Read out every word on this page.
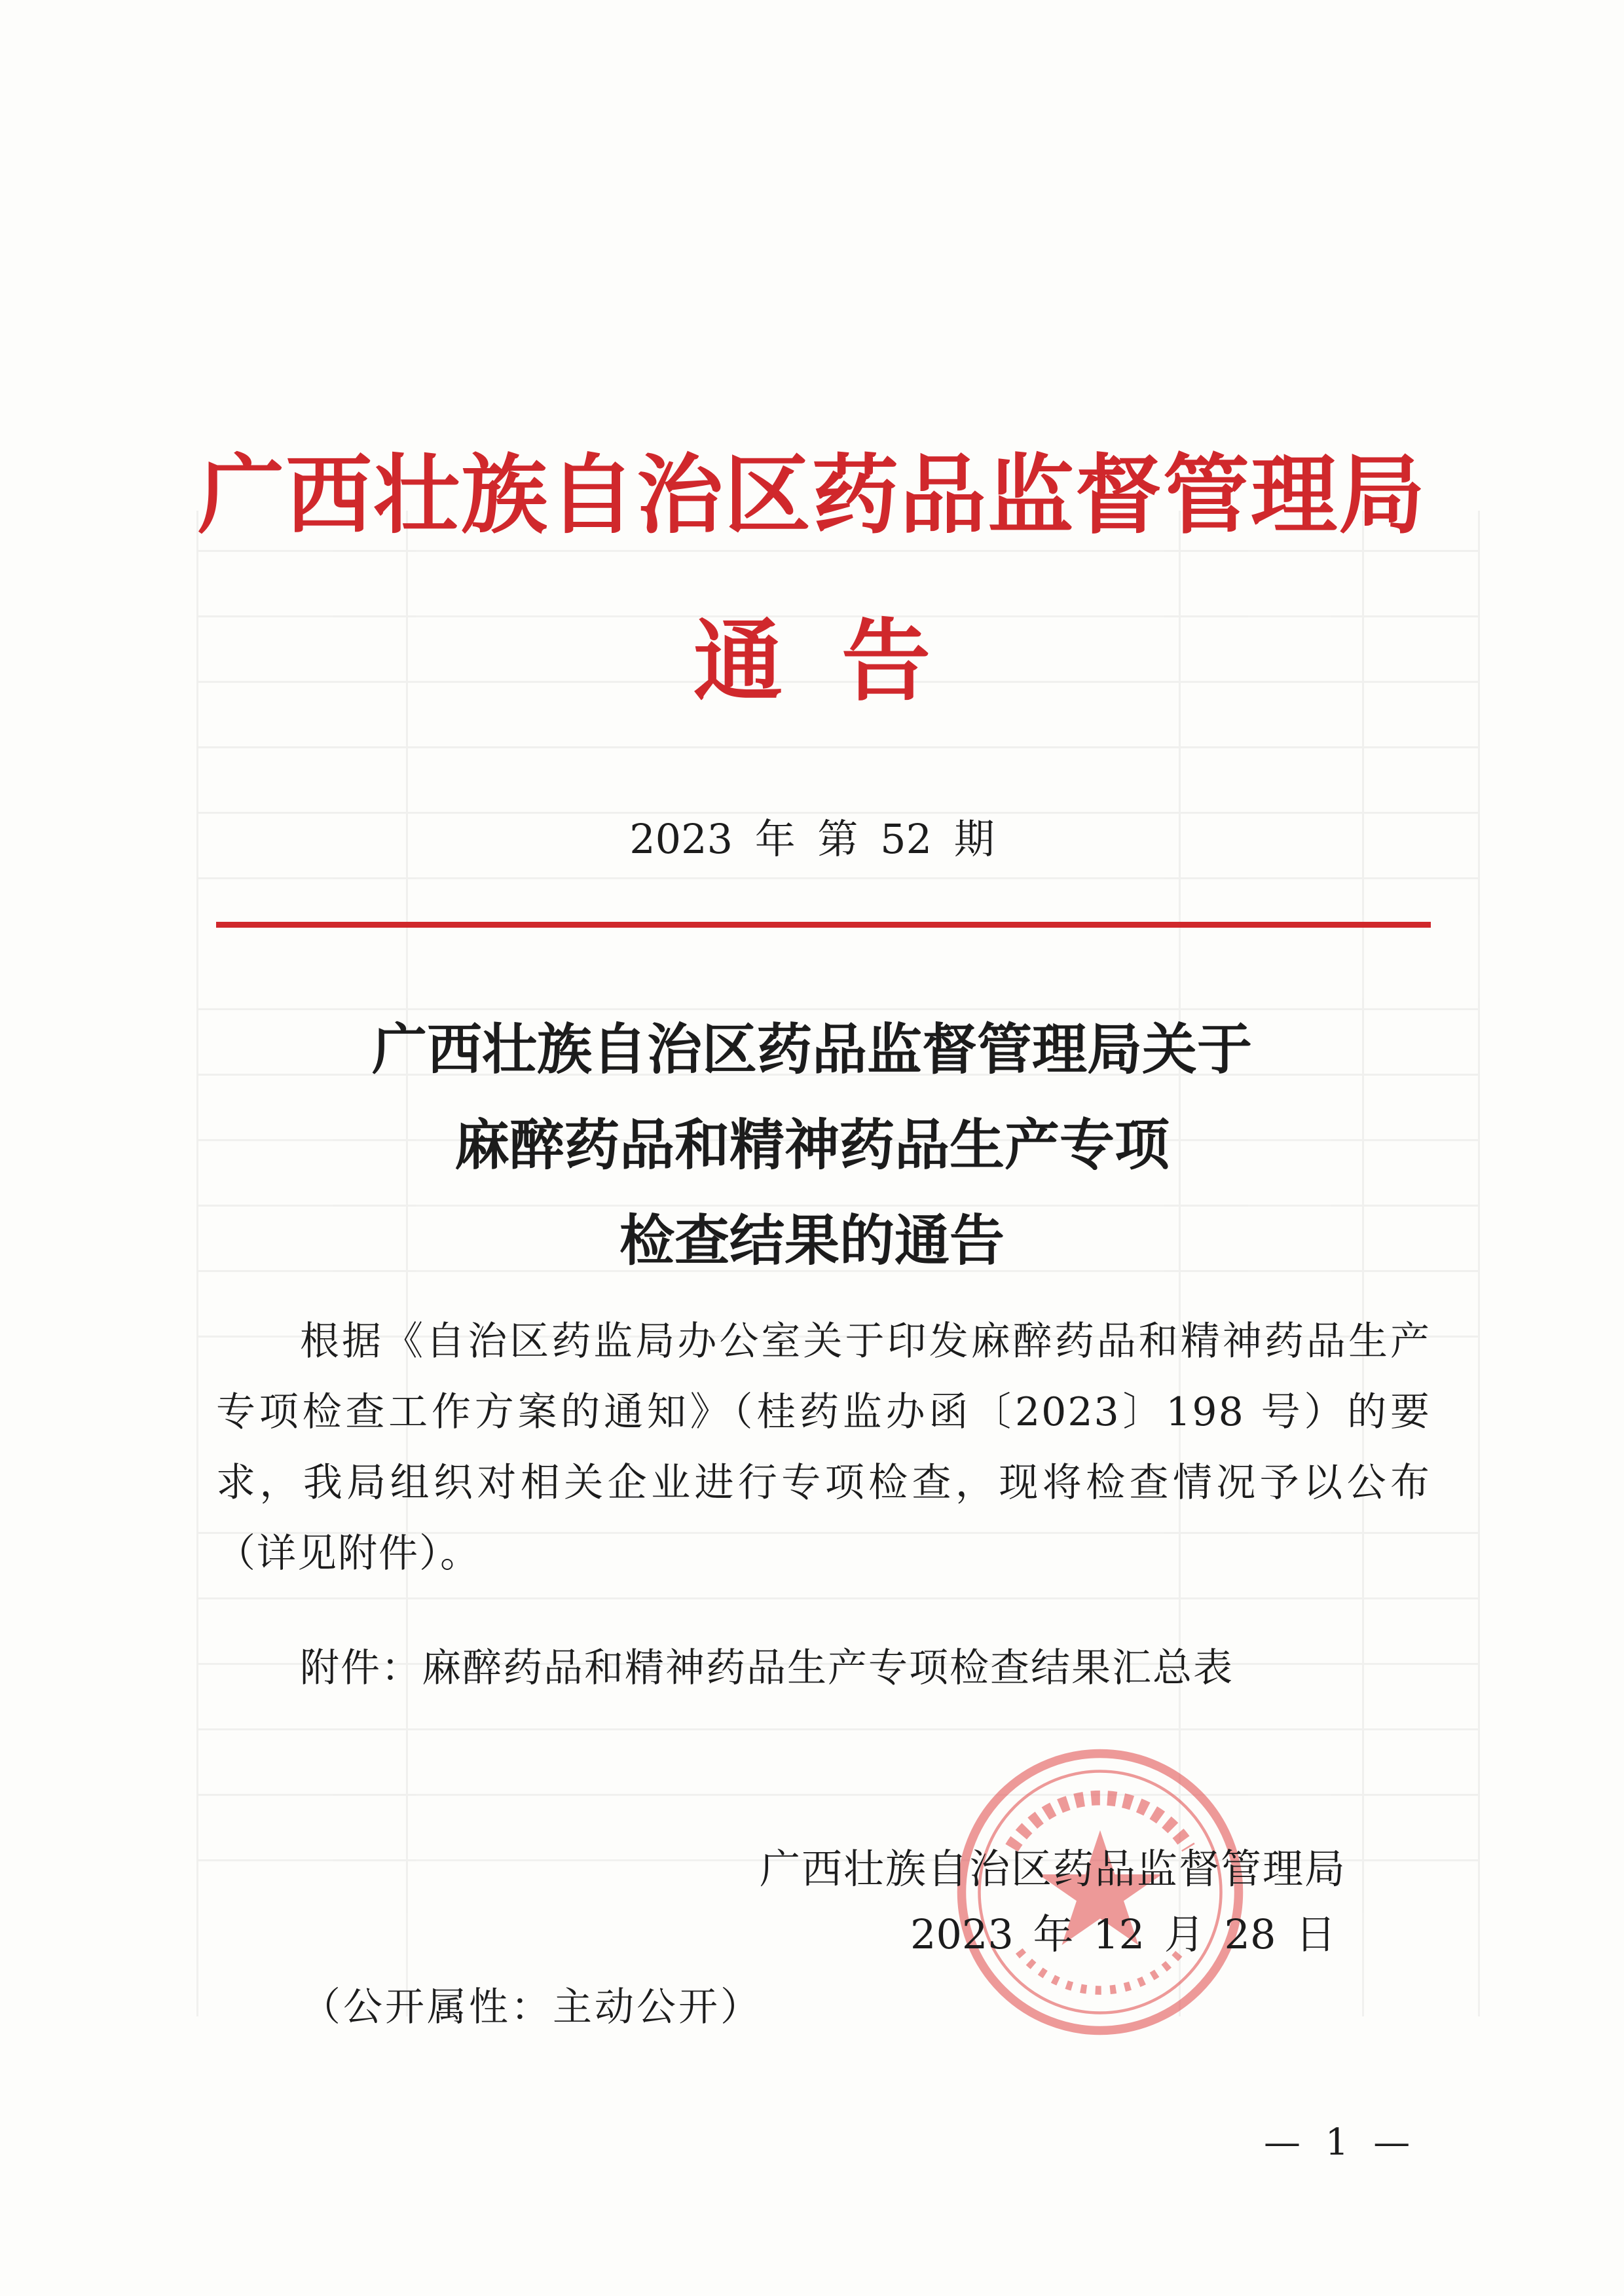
广西壮族自治区药品监督管理局
通告
2023 年 第 52 期
广西壮族自治区药品监督管理局关于
麻醉药品和精神药品生产专项
检查结果的通告
根据《自治区药监局办公室关于印发麻醉药品和精神药品生产专项检查工作方案的通知》（桂药监办函〔2023〕198 号）的要求，我局组织对相关企业进行专项检查，现将检查情况予以公布（详见附件）。
附件：麻醉药品和精神药品生产专项检查结果汇总表
广西壮族自治区药品监督管理局
2023 年 12 月 28 日
（公开属性：主动公开）
— 1 —
